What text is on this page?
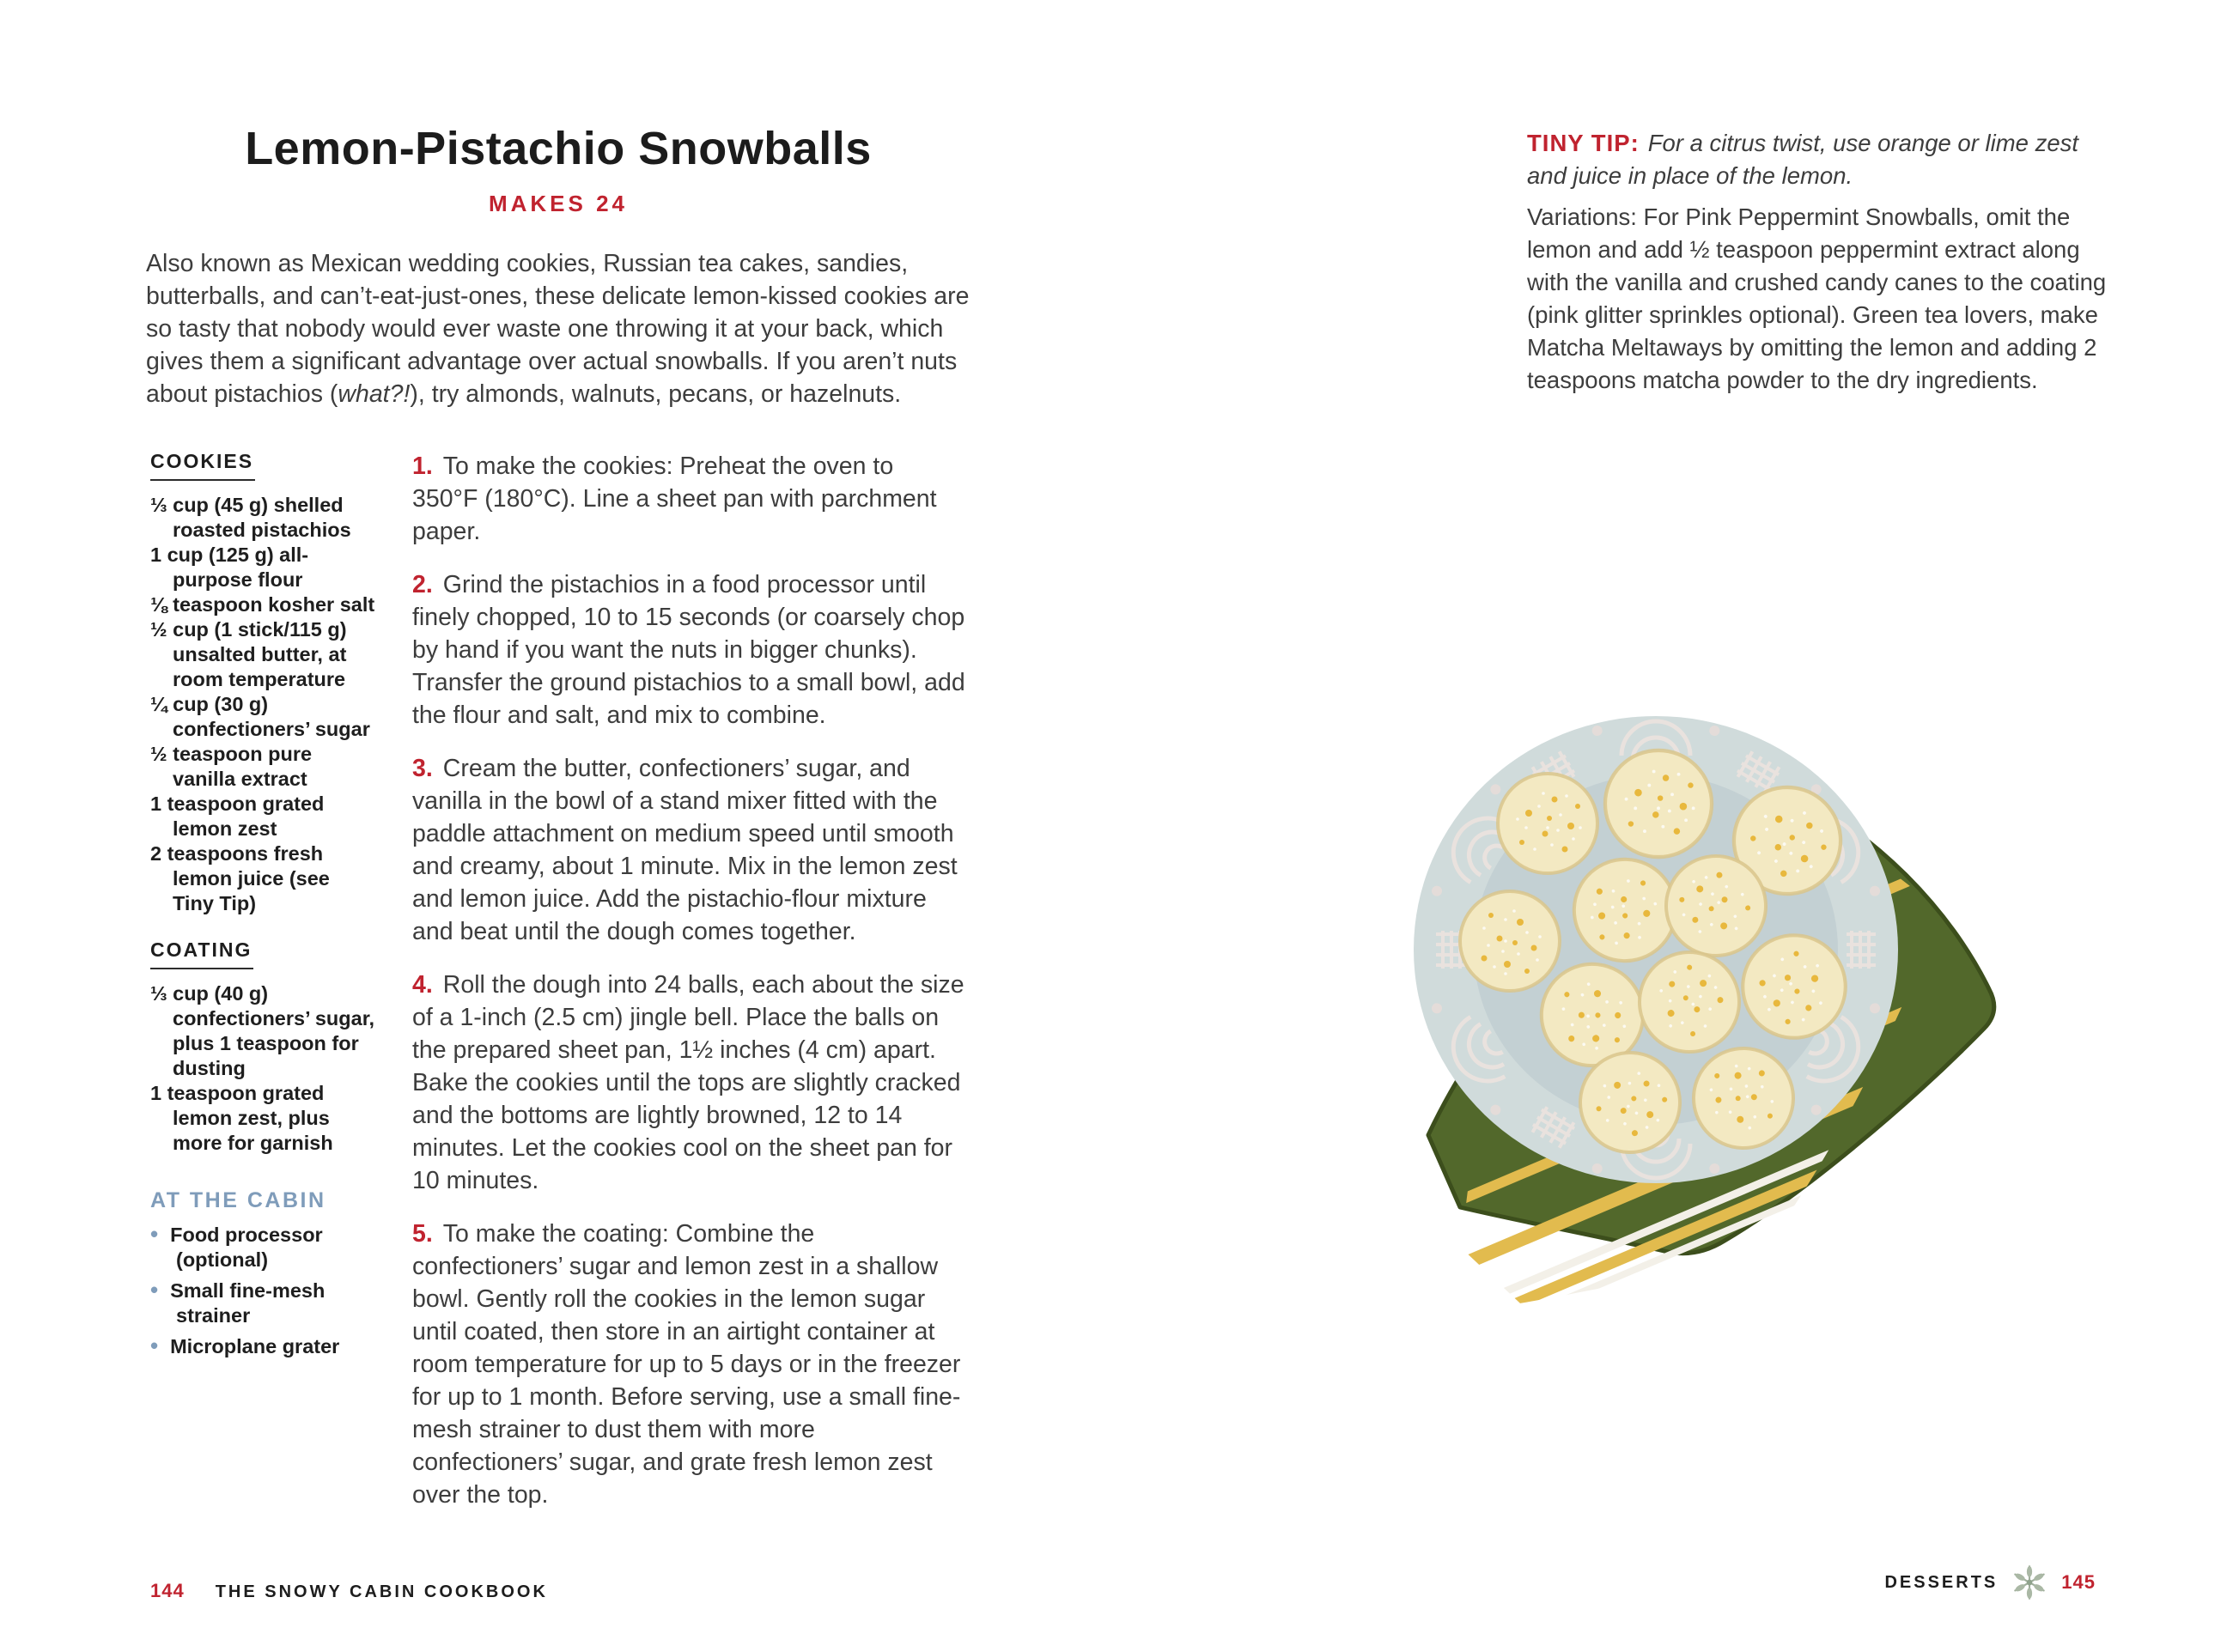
Lemon-Pistachio Snowballs
MAKES 24
Also known as Mexican wedding cookies, Russian tea cakes, sandies, butterballs, and can’t-eat-just-ones, these delicate lemon-kissed cookies are so tasty that nobody would ever waste one throwing it at your back, which gives them a significant advantage over actual snowballs. If you aren’t nuts about pistachios (what?!), try almonds, walnuts, pecans, or hazelnuts.
COOKIES
⅓ cup (45 g) shelled roasted pistachios
1 cup (125 g) all-purpose flour
⅛ teaspoon kosher salt
½ cup (1 stick/115 g) unsalted butter, at room temperature
¼ cup (30 g) confectioners’ sugar
½ teaspoon pure vanilla extract
1 teaspoon grated lemon zest
2 teaspoons fresh lemon juice (see Tiny Tip)
COATING
⅓ cup (40 g) confectioners’ sugar, plus 1 teaspoon for dusting
1 teaspoon grated lemon zest, plus more for garnish
AT THE CABIN
• Food processor (optional)
• Small fine-mesh strainer
• Microplane grater

1. To make the cookies: Preheat the oven to 350°F (180°C). Line a sheet pan with parchment paper.

2. Grind the pistachios in a food processor until finely chopped, 10 to 15 seconds (or coarsely chop by hand if you want the nuts in bigger chunks). Transfer the ground pistachios to a small bowl, add the flour and salt, and mix to combine.

3. Cream the butter, confectioners’ sugar, and vanilla in the bowl of a stand mixer fitted with the paddle attachment on medium speed until smooth and creamy, about 1 minute. Mix in the lemon zest and lemon juice. Add the pistachio-flour mixture and beat until the dough comes together.

4. Roll the dough into 24 balls, each about the size of a 1-inch (2.5 cm) jingle bell. Place the balls on the prepared sheet pan, 1½ inches (4 cm) apart. Bake the cookies until the tops are slightly cracked and the bottoms are lightly browned, 12 to 14 minutes. Let the cookies cool on the sheet pan for 10 minutes.

5. To make the coating: Combine the confectioners’ sugar and lemon zest in a shallow bowl. Gently roll the cookies in the lemon sugar until coated, then store in an airtight container at room temperature for up to 5 days or in the freezer for up to 1 month. Before serving, use a small fine-mesh strainer to dust them with more confectioners’ sugar, and grate fresh lemon zest over the top.

TINY TIP: For a citrus twist, use orange or lime zest and juice in place of the lemon.
Variations: For Pink Peppermint Snowballs, omit the lemon and add ½ teaspoon peppermint extract along with the vanilla and crushed candy canes to the coating (pink glitter sprinkles optional). Green tea lovers, make Matcha Meltaways by omitting the lemon and adding 2 teaspoons matcha powder to the dry ingredients.
144 THE SNOWY CABIN COOKBOOK
DESSERTS	145
